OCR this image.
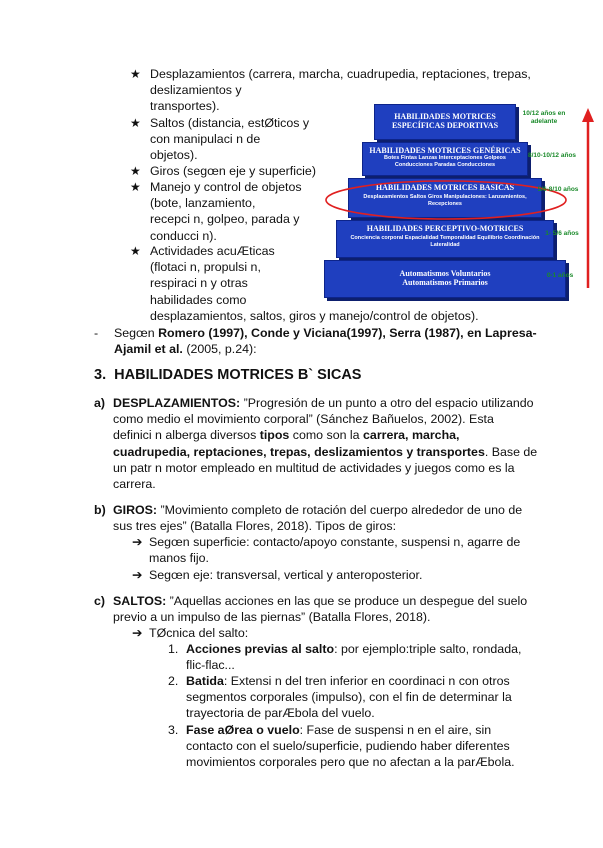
★ Desplazamientos (carrera, marcha, cuadrupedia, reptaciones, trepas,
deslizamientos y
transportes).
★ Saltos (distancia, estØticos y
con manipulaci n de
objetos).
★ Giros (segœn eje y superficie)
★ Manejo y control de objetos
(bote, lanzamiento,
recepci n, golpeo, parada y
conducci n).
★ Actividades acuÆticas
(flotaci n, propulsi n,
respiraci n y otras
habilidades como
desplazamientos, saltos, giros y manejo/control de objetos).
HABILIDADES MOTRICES
ESPECÍFICAS DEPORTIVAS
HABILIDADES MOTRICES GENÉRICAS
Botes Fintas Lanzas Interceptaciones Golpeos Conducciones Paradas Conducciones
HABILIDADES MOTRICES BASICAS
Desplazamientos Saltos Giros Manipulaciones: Lanzamientos, Recepciones
HABILIDADES PERCEPTIVO-MOTRICES
Conciencia corporal Espacialidad Temporalidad Equilibrio Coordinación Lateralidad
Automatismos Voluntarios
Automatismos Primarios
10/12 años en adelante
8/10-10/12 años
5/6-8/10 años
1- 5/6 años
0-1 años
- Segœn Romero (1997), Conde y Viciana(1997), Serra (1987), en Lapresa-
Ajamil et al. (2005, p.24):
3. HABILIDADES MOTRICES B` SICAS
a) DESPLAZAMIENTOS: ”Progresión de un punto a otro del espacio utilizando
como medio el movimiento corporal” (Sánchez Bañuelos, 2002). Esta
definici n alberga diversos tipos como son la carrera, marcha,
cuadrupedia, reptaciones, trepas, deslizamientos y transportes. Base de
un patr n motor empleado en multitud de actividades y juegos como es la
carrera.
b) GIROS: ”Movimiento completo de rotación del cuerpo alrededor de uno de
sus tres ejes” (Batalla Flores, 2018). Tipos de giros:
➔ Segœn superficie: contacto/apoyo constante, suspensi n, agarre de
manos fijo.
➔ Segœn eje: transversal, vertical y anteroposterior.
c) SALTOS: ”Aquellas acciones en las que se produce un despegue del suelo
previo a un impulso de las piernas” (Batalla Flores, 2018).
➔ TØcnica del salto:
1. Acciones previas al salto: por ejemplo:triple salto, rondada,
flic-flac...
2. Batida: Extensi n del tren inferior en coordinaci n con otros
segmentos corporales (impulso), con el fin de determinar la
trayectoria de parÆbola del vuelo.
3. Fase aØrea o vuelo: Fase de suspensi n en el aire, sin
contacto con el suelo/superficie, pudiendo haber diferentes
movimientos corporales pero que no afectan a la parÆbola.
